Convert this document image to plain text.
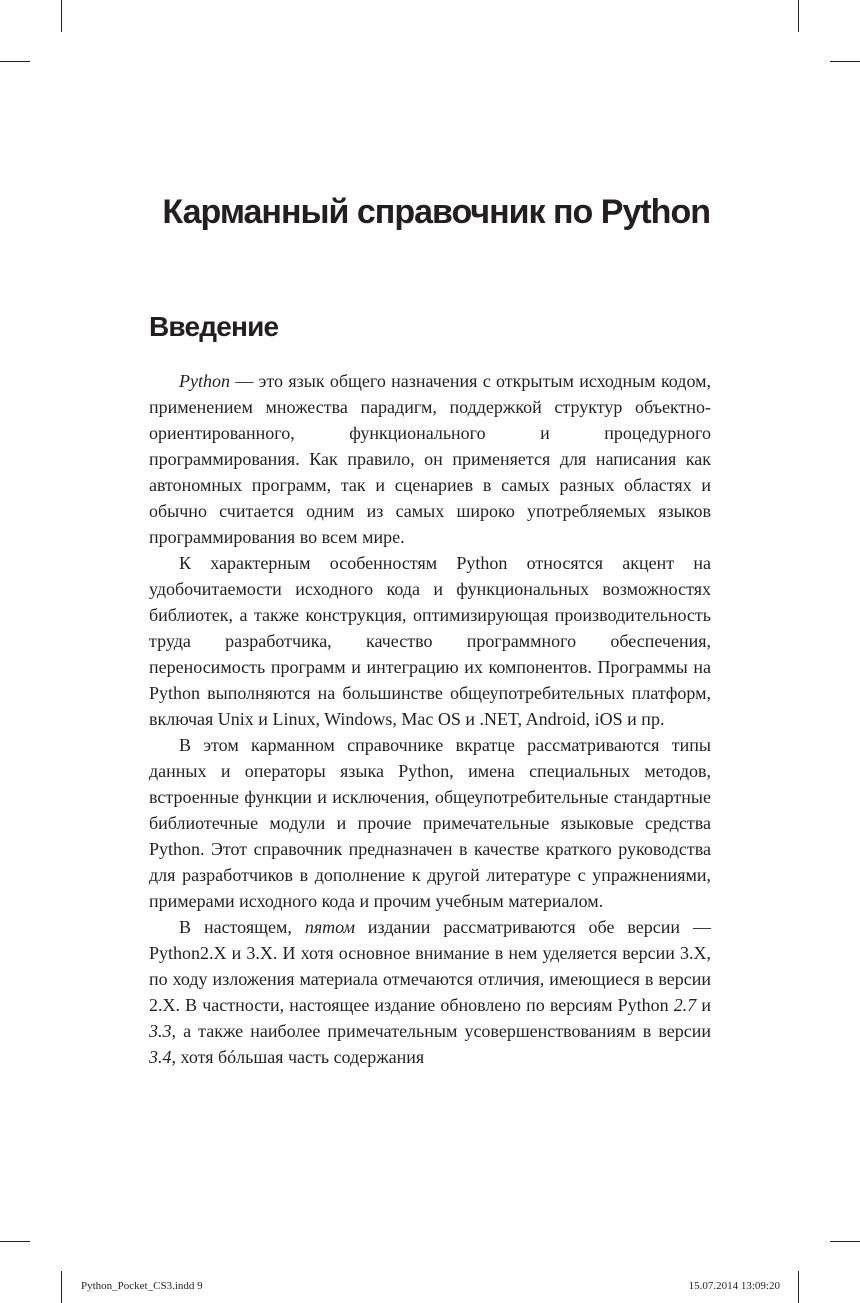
Карманный справочник по Python
Введение

Python — это язык общего назначения с открытым исходным кодом, применением множества парадигм, поддержкой структур объектно-ориентированного, функционального и процедурного программирования. Как правило, он применяется для написания как автономных программ, так и сценариев в самых разных областях и обычно считается одним из самых широко употребляемых языков программирования во всем мире.

К характерным особенностям Python относятся акцент на удобочитаемости исходного кода и функциональных возможностях библиотек, а также конструкция, оптимизирующая производительность труда разработчика, качество программного обеспечения, переносимость программ и интеграцию их компонентов. Программы на Python выполняются на большинстве общеупотребительных платформ, включая Unix и Linux, Windows, Mac OS и .NET, Android, iOS и пр.

В этом карманном справочнике вкратце рассматриваются типы данных и операторы языка Python, имена специальных методов, встроенные функции и исключения, общеупотребительные стандартные библиотечные модули и прочие примечательные языковые средства Python. Этот справочник предназначен в качестве краткого руководства для разработчиков в дополнение к другой литературе с упражнениями, примерами исходного кода и прочим учебным материалом.

В настоящем, пятом издании рассматриваются обе версии — Python2.X и 3.X. И хотя основное внимание в нем уделяется версии 3.X, по ходу изложения материала отмечаются отличия, имеющиеся в версии 2.X. В частности, настоящее издание обновлено по версиям Python 2.7 и 3.3, а также наиболее примечательным усовершенствованиям в версии 3.4, хотя бóльшая часть содержания

Python_Pocket_CS3.indd 9	15.07.2014 13:09:20
